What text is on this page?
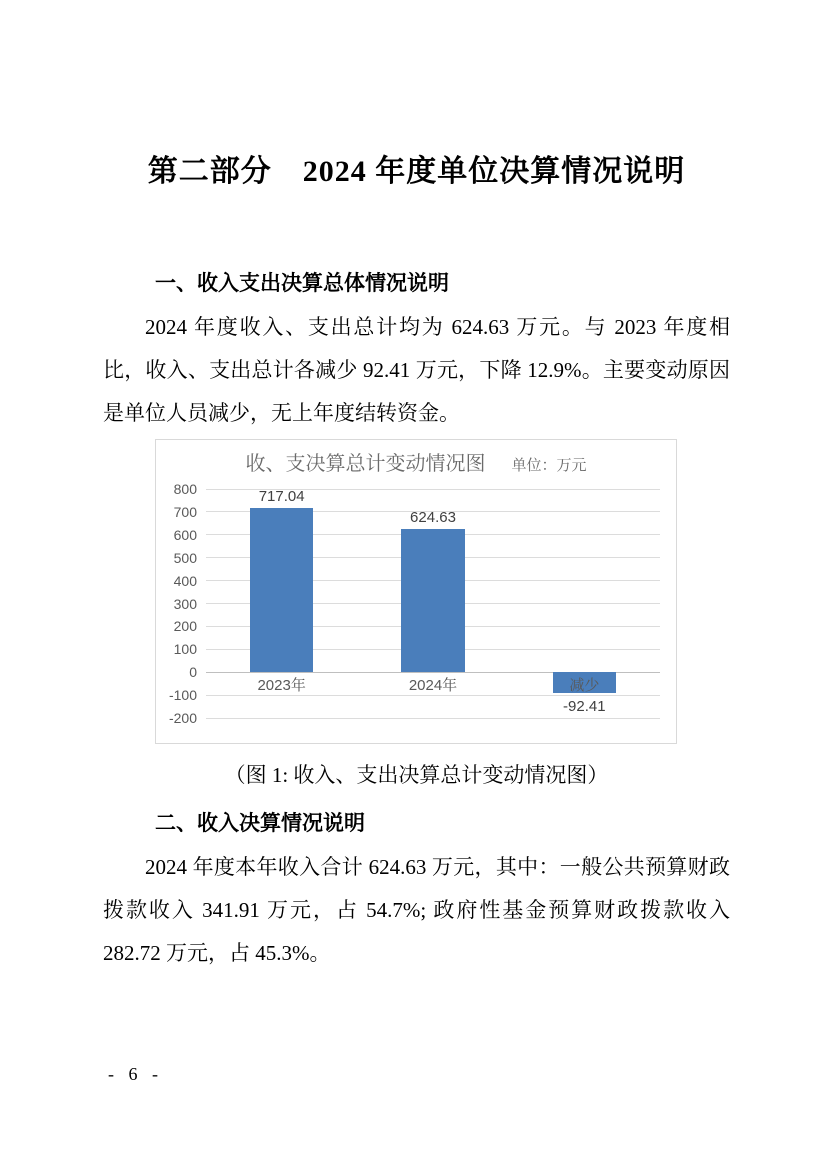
第二部分　2024 年度单位决算情况说明
一、收入支出决算总体情况说明

2024 年度收入、支出总计均为 624.63 万元。与 2023 年度相比，收入、支出总计各减少 92.41 万元，下降 12.9%。主要变动原因是单位人员减少，无上年度结转资金。

收、支决算总计变动情况图 单位：万元
800
700
600
500
400
300
200
100
0
-100
-200
717.04
2023年
624.63
2024年
-92.41
减少
（图 1: 收入、支出决算总计变动情况图）
二、收入决算情况说明

2024 年度本年收入合计 624.63 万元，其中：一般公共预算财政拨款收入 341.91 万元，占 54.7%; 政府性基金预算财政拨款收入 282.72 万元，占 45.3%。

- 6 -
